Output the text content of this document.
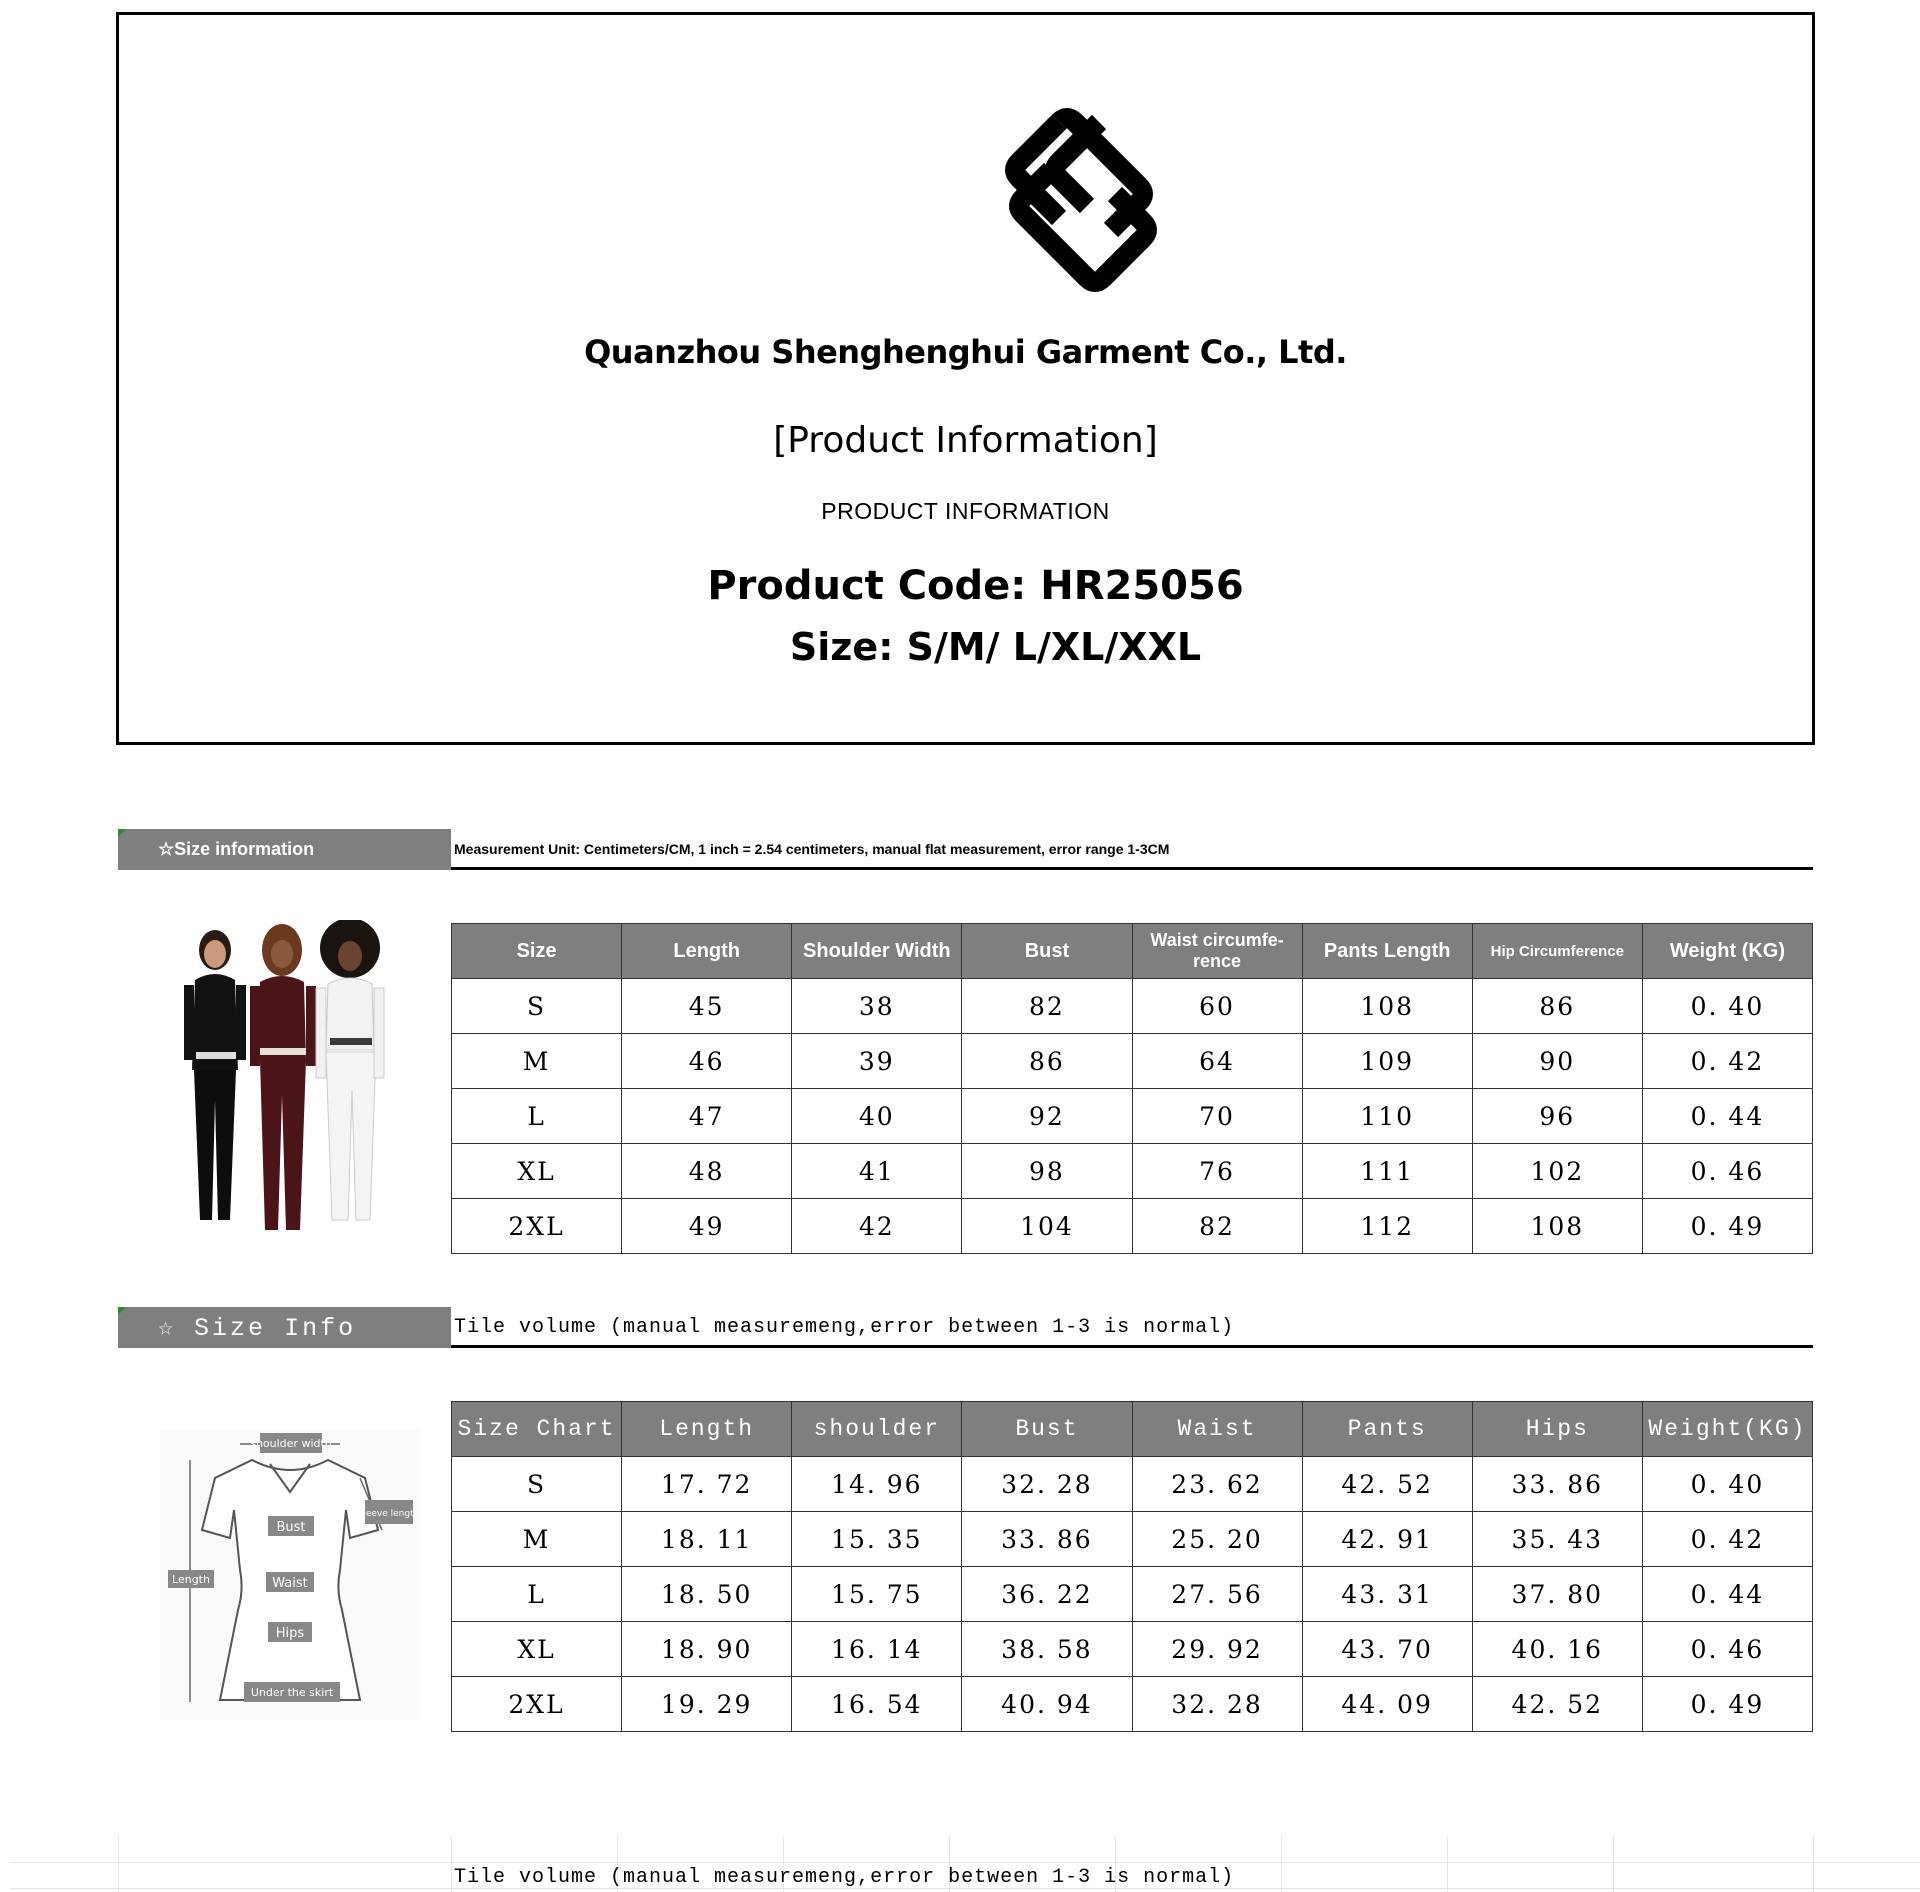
Quanzhou Shenghenghui Garment Co., Ltd.
[Product Information]
PRODUCT INFORMATION
Product Code: HR25056
Size: S/M/ L/XL/XXL
☆Size information	Measurement Unit: Centimeters/CM, 1 inch = 2.54 centimeters, manual flat measurement, error range 1-3CM
Size	Length	Shoulder Width	Bust	Waist circumfe- rence	Pants Length	Hip Circumference	Weight (KG)
S	45	38	82	60	108	86	0. 40
M	46	39	86	64	109	90	0. 42
L	47	40	92	70	110	96	0. 44
XL	48	41	98	76	111	102	0. 46
2XL	49	42	104	82	112	108	0. 49
☆ Size Info	Tile volume (manual measuremeng,error between 1-3 is normal)
shoulder width
sleeve length
Bust
Length	Waist
Hips
Under the skirt
Size Chart	Length	shoulder	Bust	Waist	Pants	Hips	Weight(KG)
S	17. 72	14. 96	32. 28	23. 62	42. 52	33. 86	0. 40
M	18. 11	15. 35	33. 86	25. 20	42. 91	35. 43	0. 42
L	18. 50	15. 75	36. 22	27. 56	43. 31	37. 80	0. 44
XL	18. 90	16. 14	38. 58	29. 92	43. 70	40. 16	0. 46
2XL	19. 29	16. 54	40. 94	32. 28	44. 09	42. 52	0. 49
Tile volume (manual measuremeng,error between 1-3 is normal)
